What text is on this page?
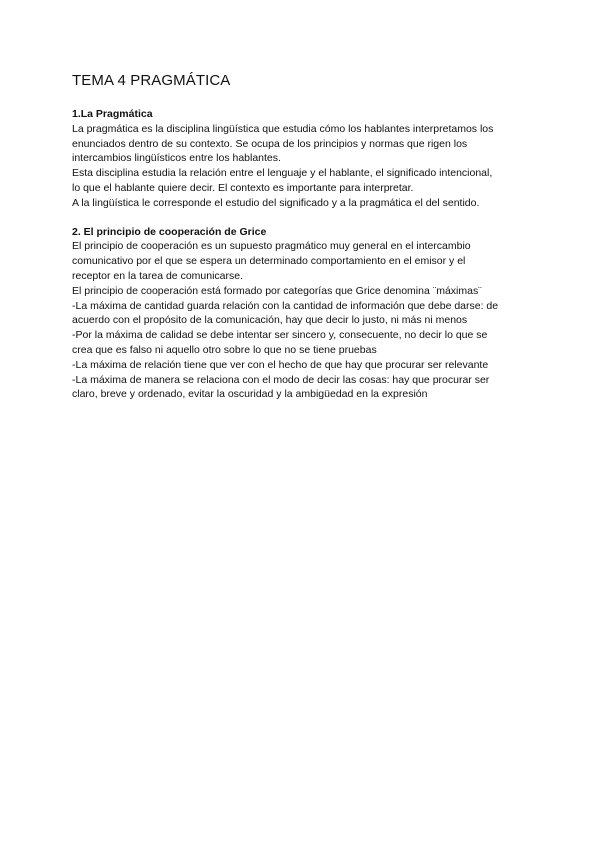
TEMA 4 PRAGMÁTICA
1.La Pragmática

La pragmática es la disciplina lingüística que estudia cómo los hablantes interpretamos los

enunciados dentro de su contexto. Se ocupa de los principios y normas que rigen los

intercambios lingüísticos entre los hablantes.

Esta disciplina estudia la relación entre el lenguaje y el hablante, el significado intencional,

lo que el hablante quiere decir. El contexto es importante para interpretar.

A la lingüística le corresponde el estudio del significado y a la pragmática el del sentido.

2. El principio de cooperación de Grice

El principio de cooperación es un supuesto pragmático muy general en el intercambio

comunicativo por el que se espera un determinado comportamiento en el emisor y el

receptor en la tarea de comunicarse.

El principio de cooperación está formado por categorías que Grice denomina ¨máximas¨

-La máxima de cantidad guarda relación con la cantidad de información que debe darse: de

acuerdo con el propósito de la comunicación, hay que decir lo justo, ni más ni menos

-Por la máxima de calidad se debe intentar ser sincero y, consecuente, no decir lo que se

crea que es falso ni aquello otro sobre lo que no se tiene pruebas

-La máxima de relación tiene que ver con el hecho de que hay que procurar ser relevante

-La máxima de manera se relaciona con el modo de decir las cosas: hay que procurar ser

claro, breve y ordenado, evitar la oscuridad y la ambigüedad en la expresión
